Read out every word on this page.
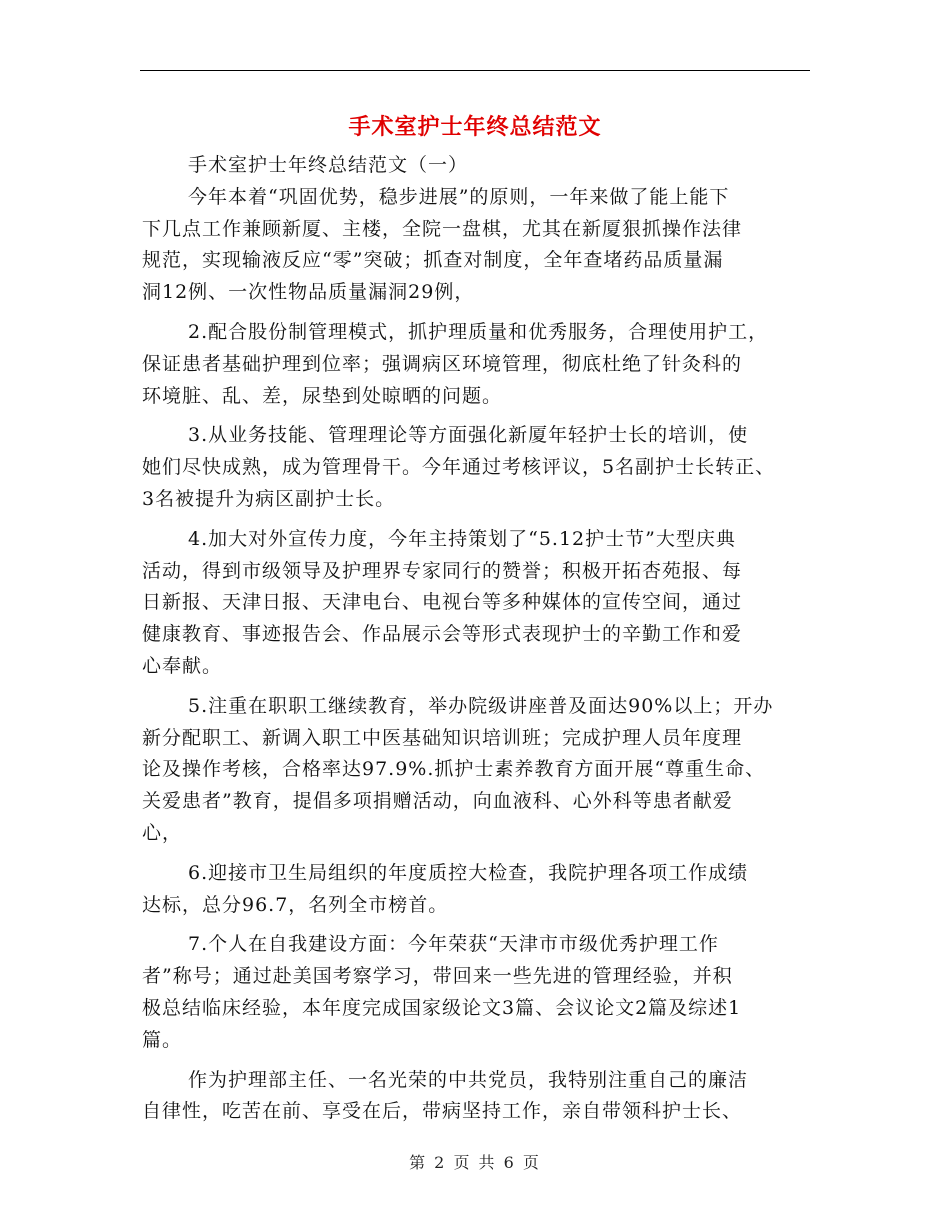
手术室护士年终总结范文
手术室护士年终总结范文（一）
今年本着“巩固优势，稳步进展”的原则，一年来做了能上能下
下几点工作兼顾新厦、主楼，全院一盘棋，尤其在新厦狠抓操作法律
规范，实现输液反应“零”突破；抓查对制度，全年查堵药品质量漏
洞12例、一次性物品质量漏洞29例，
2.配合股份制管理模式，抓护理质量和优秀服务，合理使用护工，
保证患者基础护理到位率；强调病区环境管理，彻底杜绝了针灸科的
环境脏、乱、差，尿垫到处晾晒的问题。
3.从业务技能、管理理论等方面强化新厦年轻护士长的培训，使
她们尽快成熟，成为管理骨干。今年通过考核评议，5名副护士长转正、
3名被提升为病区副护士长。
4.加大对外宣传力度，今年主持策划了“5.12护士节”大型庆典
活动，得到市级领导及护理界专家同行的赞誉；积极开拓杏苑报、每
日新报、天津日报、天津电台、电视台等多种媒体的宣传空间，通过
健康教育、事迹报告会、作品展示会等形式表现护士的辛勤工作和爱
心奉献。
5.注重在职职工继续教育，举办院级讲座普及面达90%以上；开办
新分配职工、新调入职工中医基础知识培训班；完成护理人员年度理
论及操作考核，合格率达97.9%.抓护士素养教育方面开展“尊重生命、
关爱患者”教育，提倡多项捐赠活动，向血液科、心外科等患者献爱
心，
6.迎接市卫生局组织的年度质控大检查，我院护理各项工作成绩
达标，总分96.7，名列全市榜首。
7.个人在自我建设方面：今年荣获“天津市市级优秀护理工作
者”称号；通过赴美国考察学习，带回来一些先进的管理经验，并积
极总结临床经验，本年度完成国家级论文3篇、会议论文2篇及综述1
篇。
作为护理部主任、一名光荣的中共党员，我特别注重自己的廉洁
自律性，吃苦在前、享受在后，带病坚持工作，亲自带领科护士长、
第 2 页 共 6 页
